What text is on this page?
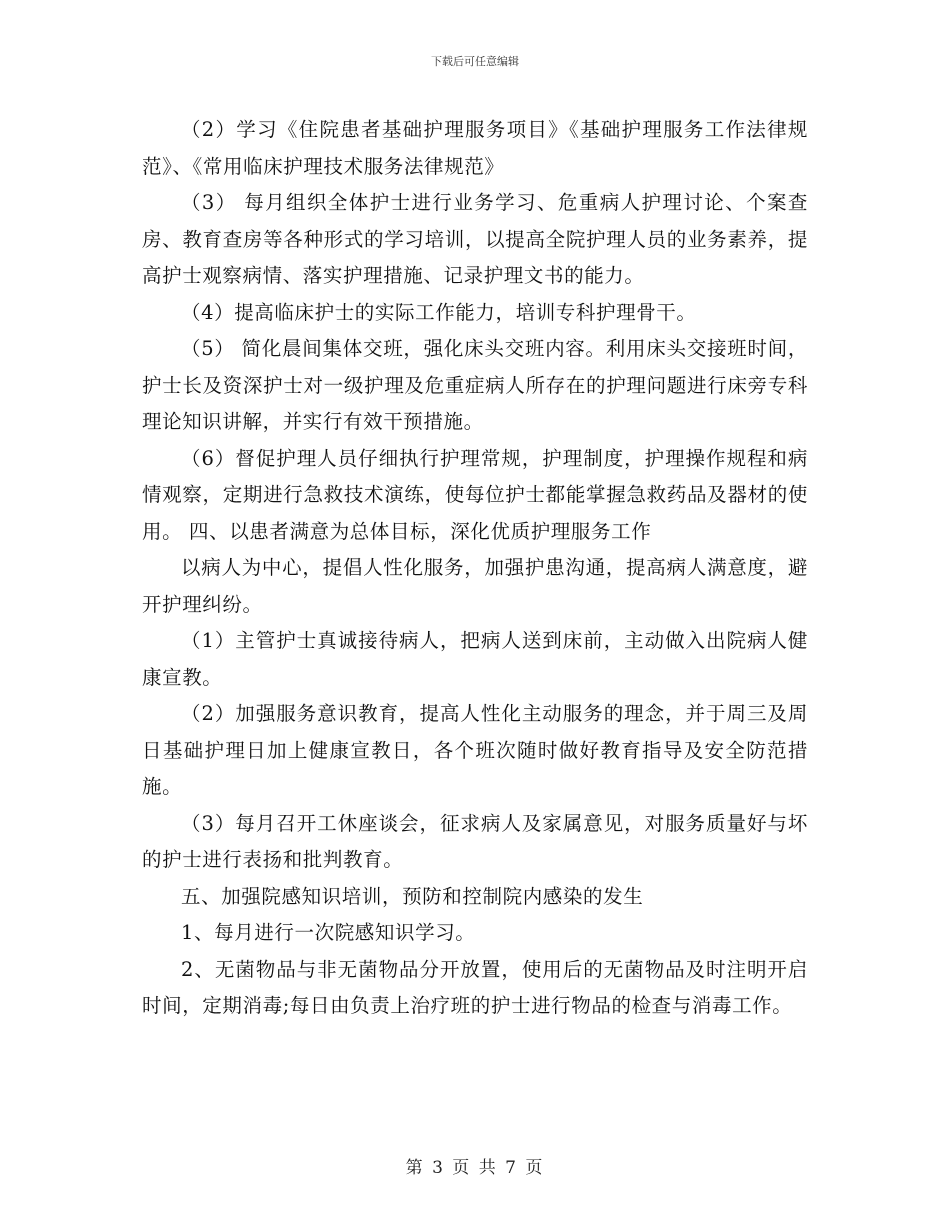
下载后可任意编辑

（2）学习《住院患者基础护理服务项目》《基础护理服务工作法律规范》、《常用临床护理技术服务法律规范》

（3） 每月组织全体护士进行业务学习、危重病人护理讨论、个案查房、教育查房等各种形式的学习培训，以提高全院护理人员的业务素养，提高护士观察病情、落实护理措施、记录护理文书的能力。

（4）提高临床护士的实际工作能力，培训专科护理骨干。

（5） 简化晨间集体交班，强化床头交班内容。利用床头交接班时间，护士长及资深护士对一级护理及危重症病人所存在的护理问题进行床旁专科理论知识讲解，并实行有效干预措施。

（6）督促护理人员仔细执行护理常规，护理制度，护理操作规程和病情观察，定期进行急救技术演练，使每位护士都能掌握急救药品及器材的使用。 四、以患者满意为总体目标，深化优质护理服务工作

以病人为中心，提倡人性化服务，加强护患沟通，提高病人满意度，避开护理纠纷。

（1）主管护士真诚接待病人，把病人送到床前，主动做入出院病人健康宣教。

（2）加强服务意识教育，提高人性化主动服务的理念，并于周三及周日基础护理日加上健康宣教日，各个班次随时做好教育指导及安全防范措施。

（3）每月召开工休座谈会，征求病人及家属意见，对服务质量好与坏的护士进行表扬和批判教育。

五、加强院感知识培训，预防和控制院内感染的发生

1、每月进行一次院感知识学习。

2、无菌物品与非无菌物品分开放置，使用后的无菌物品及时注明开启时间，定期消毒;每日由负责上治疗班的护士进行物品的检查与消毒工作。

第 3 页 共 7 页
